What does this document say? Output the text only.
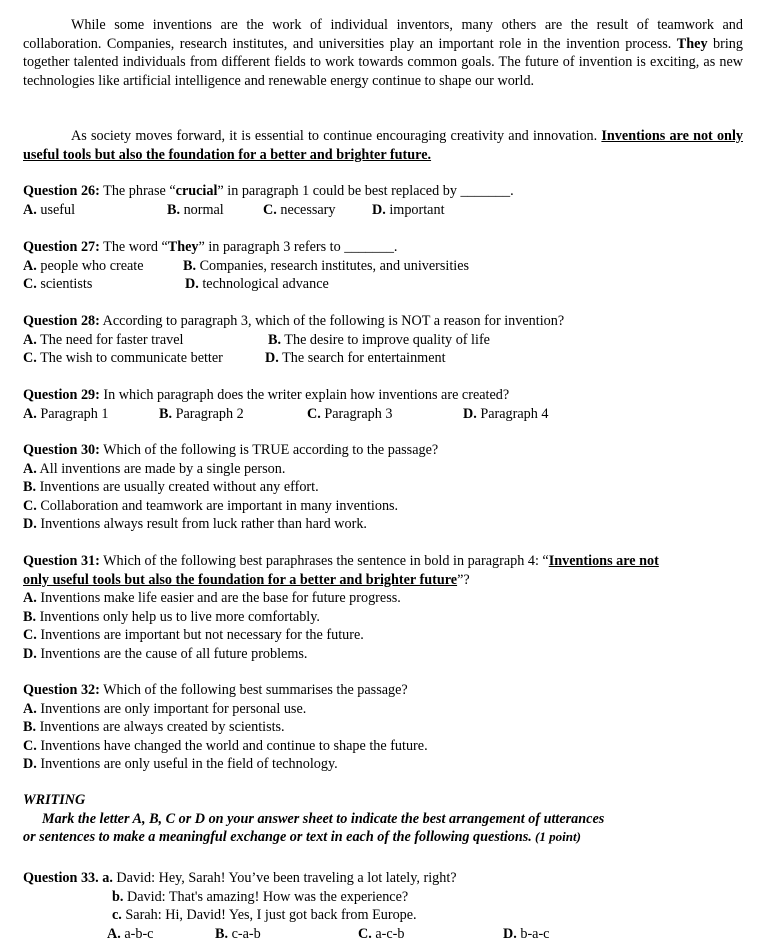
While some inventions are the work of individual inventors, many others are the result of teamwork and collaboration. Companies, research institutes, and universities play an important role in the invention process. They bring together talented individuals from different fields to work towards common goals. The future of invention is exciting, as new technologies like artificial intelligence and renewable energy continue to shape our world.

As society moves forward, it is essential to continue encouraging creativity and innovation. Inventions are not only useful tools but also the foundation for a better and brighter future.

Question 26: The phrase “crucial” in paragraph 1 could be best replaced by _______.
A. useful	B. normal	C. necessary	D. important
Question 27: The word “They” in paragraph 3 refers to _______.
A. people who create	B. Companies, research institutes, and universities
C. scientists	D. technological advance
Question 28: According to paragraph 3, which of the following is NOT a reason for invention?
A. The need for faster travel	B. The desire to improve quality of life
C. The wish to communicate better	D. The search for entertainment
Question 29: In which paragraph does the writer explain how inventions are created?
A. Paragraph 1	B. Paragraph 2	C. Paragraph 3	D. Paragraph 4
Question 30: Which of the following is TRUE according to the passage?
A. All inventions are made by a single person.
B. Inventions are usually created without any effort.
C. Collaboration and teamwork are important in many inventions.
D. Inventions always result from luck rather than hard work.
Question 31: Which of the following best paraphrases the sentence in bold in paragraph 4: “Inventions are not
only useful tools but also the foundation for a better and brighter future”?
A. Inventions make life easier and are the base for future progress.
B. Inventions only help us to live more comfortably.
C. Inventions are important but not necessary for the future.
D. Inventions are the cause of all future problems.
Question 32: Which of the following best summarises the passage?
A. Inventions are only important for personal use.
B. Inventions are always created by scientists.
C. Inventions have changed the world and continue to shape the future.
D. Inventions are only useful in the field of technology.
WRITING
Mark the letter A, B, C or D on your answer sheet to indicate the best arrangement of utterances
or sentences to make a meaningful exchange or text in each of the following questions. (1 point)
Question 33. a. David: Hey, Sarah! You’ve been traveling a lot lately, right?
b. David: That's amazing! How was the experience?
c. Sarah: Hi, David! Yes, I just got back from Europe.
A. a-b-c	B. c-a-b	C. a-c-b	D. b-a-c
